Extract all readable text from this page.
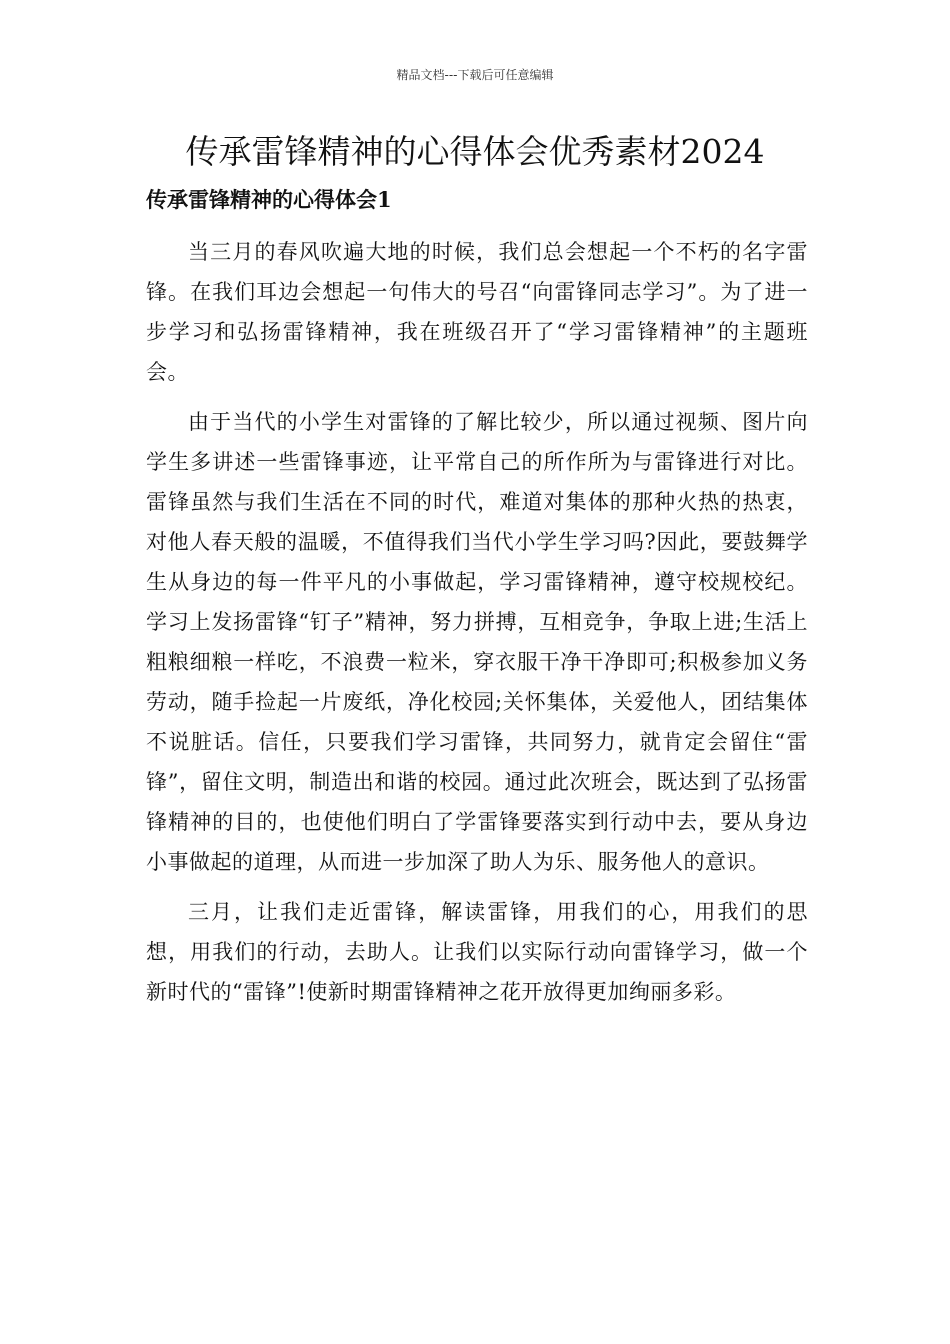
精品文档---下载后可任意编辑
传承雷锋精神的心得体会优秀素材2024
传承雷锋精神的心得体会1

当三月的春风吹遍大地的时候，我们总会想起一个不朽的名字雷锋。在我们耳边会想起一句伟大的号召“向雷锋同志学习”。为了进一步学习和弘扬雷锋精神，我在班级召开了“学习雷锋精神”的主题班会。

由于当代的小学生对雷锋的了解比较少，所以通过视频、图片向学生多讲述一些雷锋事迹，让平常自己的所作所为与雷锋进行对比。雷锋虽然与我们生活在不同的时代，难道对集体的那种火热的热衷，对他人春天般的温暖，不值得我们当代小学生学习吗?因此，要鼓舞学生从身边的每一件平凡的小事做起，学习雷锋精神，遵守校规校纪。学习上发扬雷锋“钉子”精神，努力拼搏，互相竞争，争取上进;生活上粗粮细粮一样吃，不浪费一粒米，穿衣服干净干净即可;积极参加义务劳动，随手捡起一片废纸，净化校园;关怀集体，关爱他人，团结集体不说脏话。信任，只要我们学习雷锋，共同努力，就肯定会留住“雷锋”，留住文明，制造出和谐的校园。通过此次班会，既达到了弘扬雷锋精神的目的，也使他们明白了学雷锋要落实到行动中去，要从身边小事做起的道理，从而进一步加深了助人为乐、服务他人的意识。

三月，让我们走近雷锋，解读雷锋，用我们的心，用我们的思想，用我们的行动，去助人。让我们以实际行动向雷锋学习，做一个新时代的“雷锋”!使新时期雷锋精神之花开放得更加绚丽多彩。
